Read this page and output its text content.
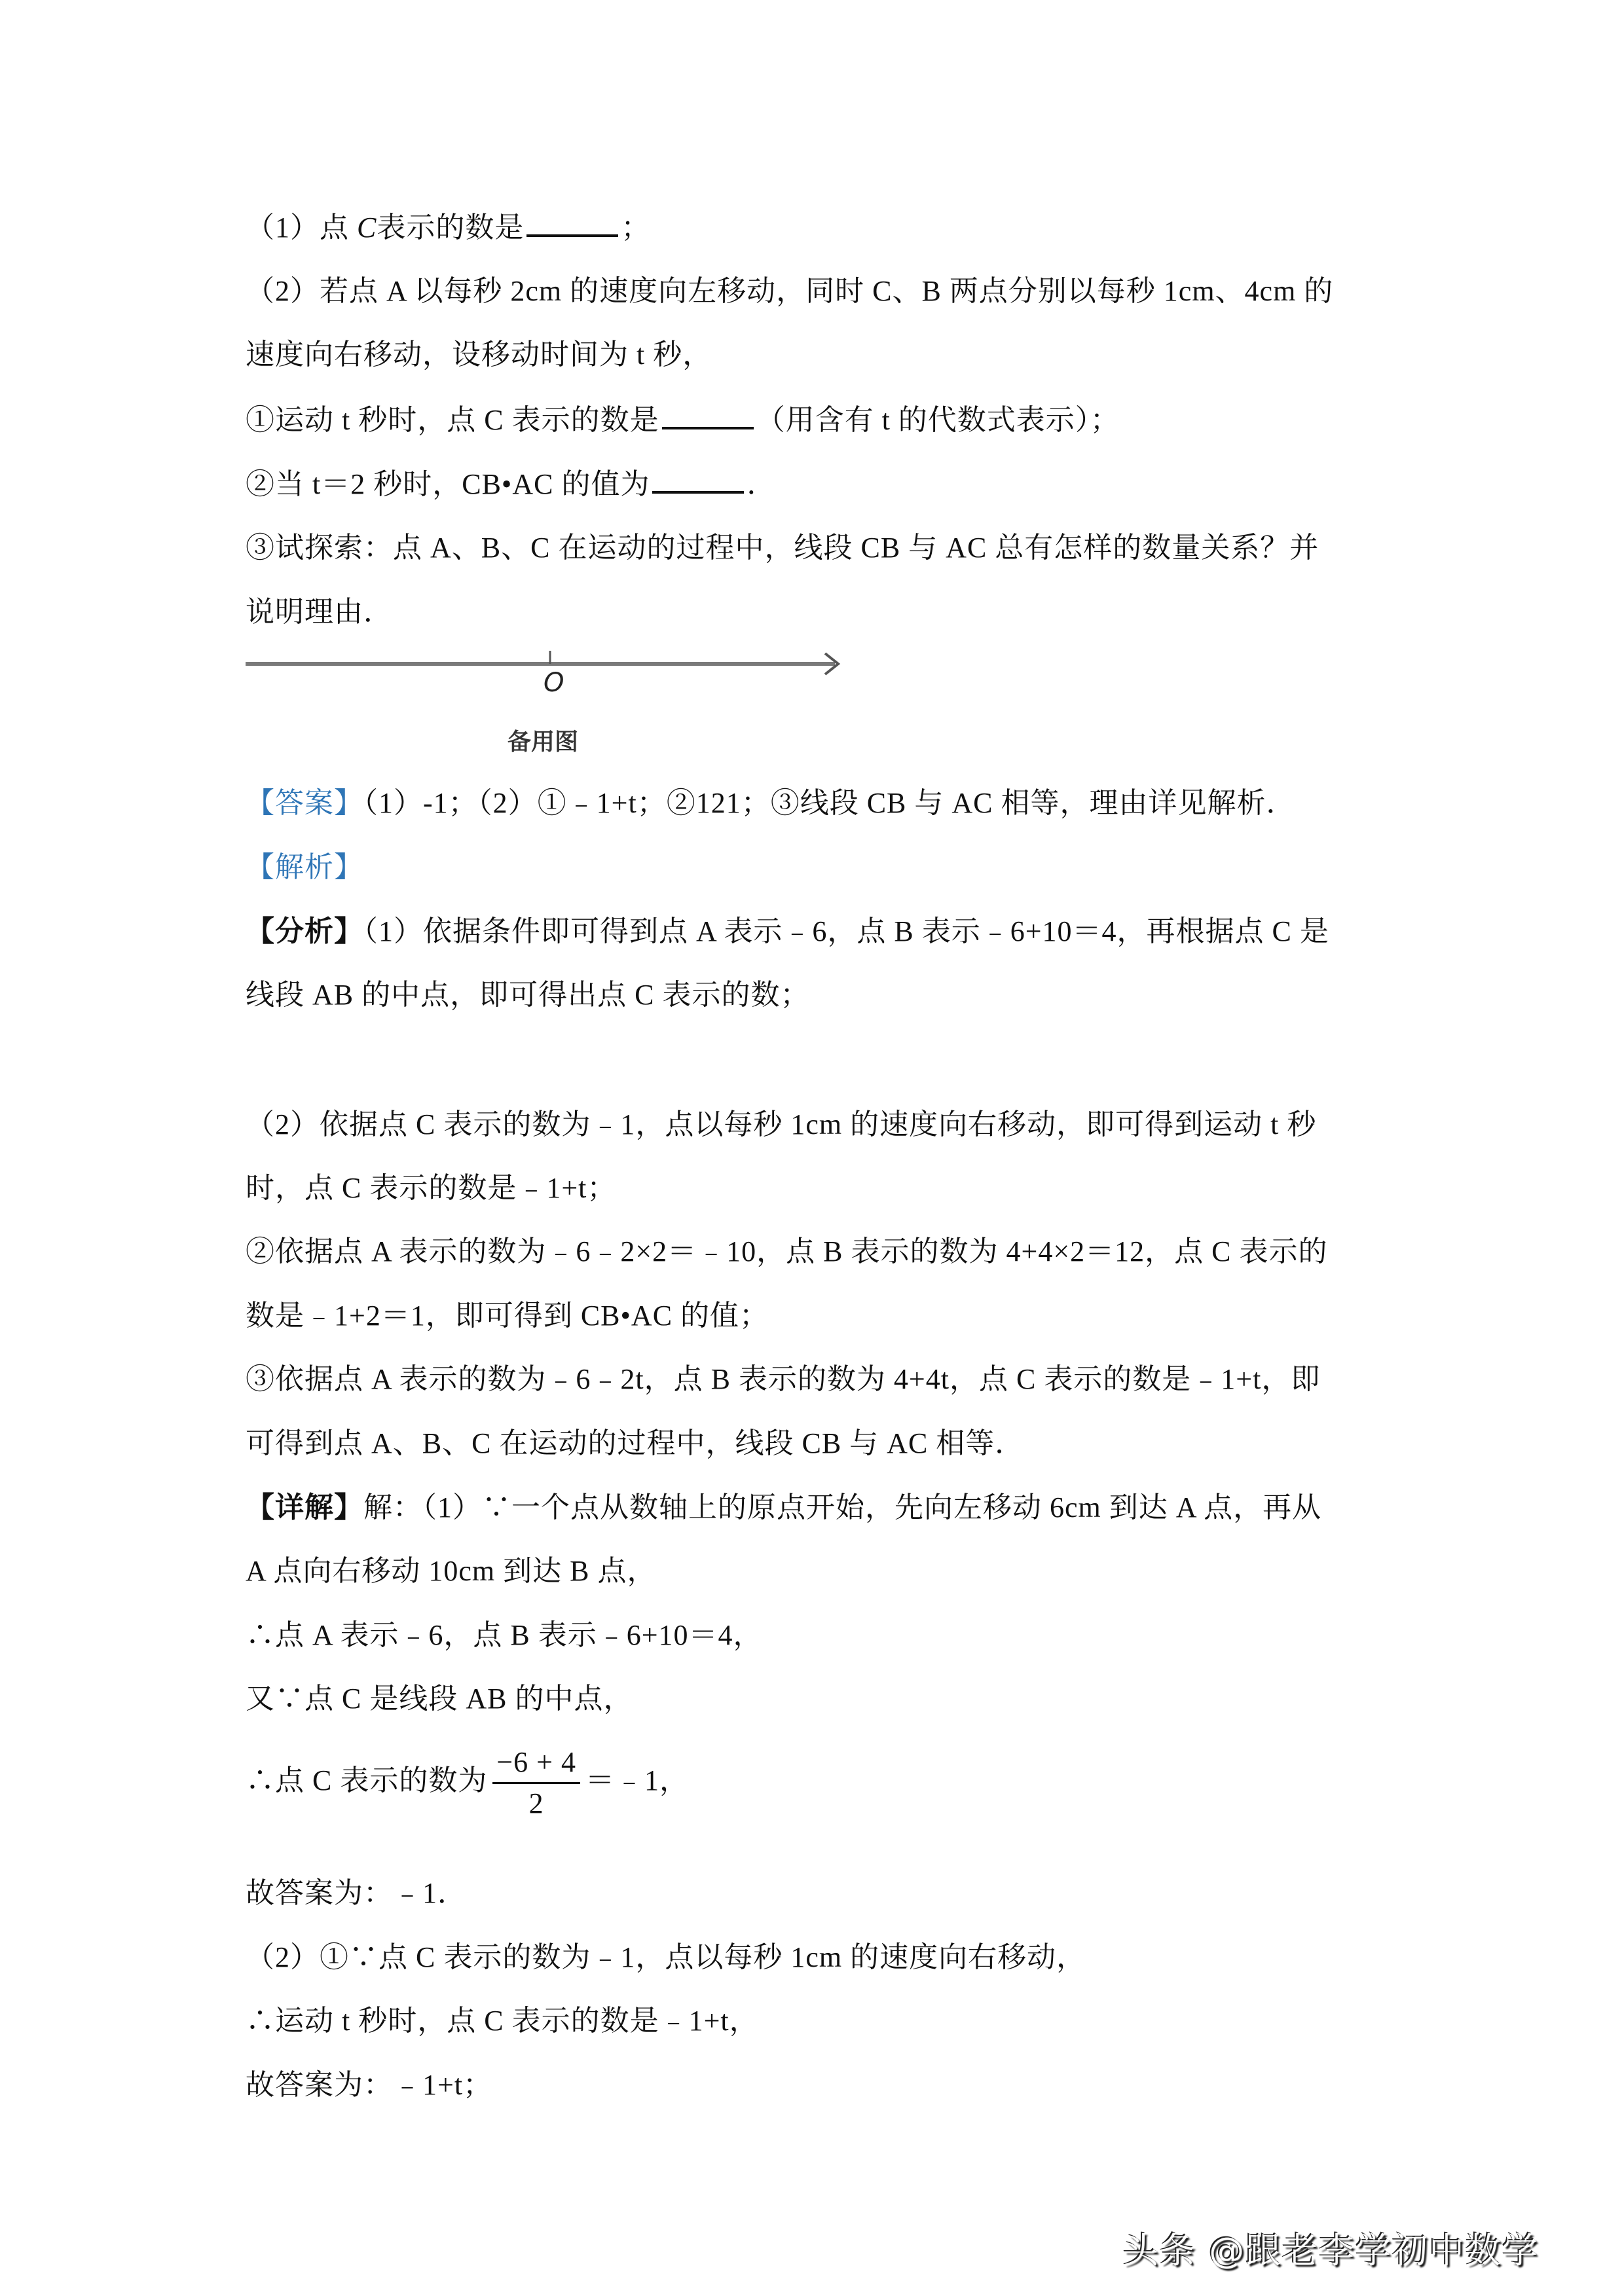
（1）点 C表示的数是	；
（2）若点 A 以每秒 2cm 的速度向左移动，同时 C、B 两点分别以每秒 1cm、4cm 的
速度向右移动，设移动时间为 t 秒，
①运动 t 秒时，点 C 表示的数是	（用含有 t 的代数式表示）；
②当 t＝2 秒时，CB•AC 的值为	．
③试探索：点 A、B、C 在运动的过程中，线段 CB 与 AC 总有怎样的数量关系？并
说明理由．
O
备用图
【答案】（1）-1；（2）①﹣1+t；②121；③线段 CB 与 AC 相等，理由详见解析．
【解析】
【分析】（1）依据条件即可得到点 A 表示﹣6，点 B 表示﹣6+10＝4，再根据点 C 是
线段 AB 的中点，即可得出点 C 表示的数；
（2）依据点 C 表示的数为﹣1，点以每秒 1cm 的速度向右移动，即可得到运动 t 秒
时，点 C 表示的数是﹣1+t；
②依据点 A 表示的数为﹣6﹣2×2＝﹣10，点 B 表示的数为 4+4×2＝12，点 C 表示的
数是﹣1+2＝1，即可得到 CB•AC 的值；
③依据点 A 表示的数为﹣6﹣2t，点 B 表示的数为 4+4t，点 C 表示的数是﹣1+t，即
可得到点 A、B、C 在运动的过程中，线段 CB 与 AC 相等．
【详解】解：（1）∵一个点从数轴上的原点开始，先向左移动 6cm 到达 A 点，再从
A 点向右移动 10cm 到达 B 点，
∴点 A 表示﹣6，点 B 表示﹣6+10＝4，
又∵点 C 是线段 AB 的中点，
∴点 C 表示的数为 $\frac{-6 + 4}{2}$ ＝﹣1，
故答案为：﹣1．
（2）①∵点 C 表示的数为﹣1，点以每秒 1cm 的速度向右移动，
∴运动 t 秒时，点 C 表示的数是﹣1+t，
故答案为：﹣1+t；
头条 @跟老李学初中数学
